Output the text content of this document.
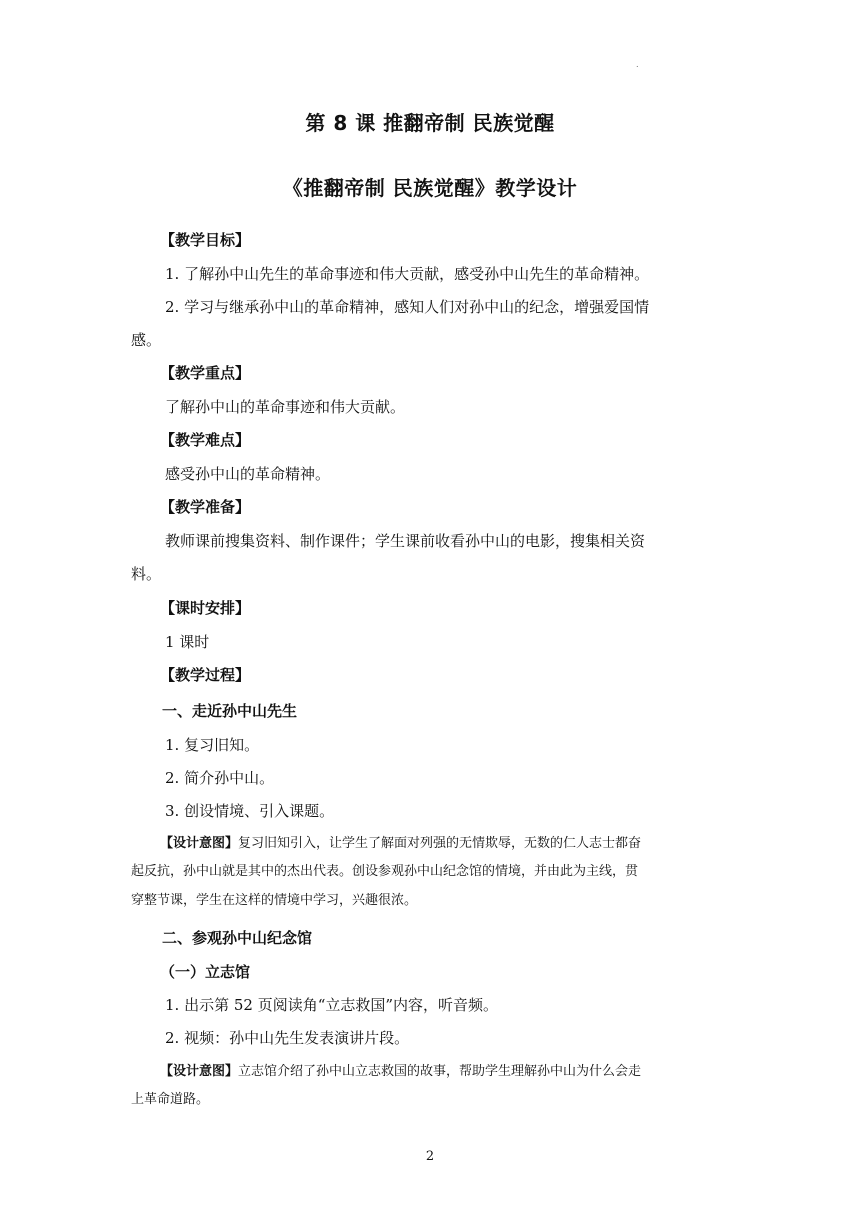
.
第 8 课 推翻帝制 民族觉醒
《推翻帝制 民族觉醒》教学设计
【教学目标】
1. 了解孙中山先生的革命事迹和伟大贡献，感受孙中山先生的革命精神。
2. 学习与继承孙中山的革命精神，感知人们对孙中山的纪念，增强爱国情
感。
【教学重点】
了解孙中山的革命事迹和伟大贡献。
【教学难点】
感受孙中山的革命精神。
【教学准备】
教师课前搜集资料、制作课件；学生课前收看孙中山的电影，搜集相关资
料。
【课时安排】
1 课时
【教学过程】
一、走近孙中山先生
1. 复习旧知。
2. 简介孙中山。
3. 创设情境、引入课题。
【设计意图】复习旧知引入，让学生了解面对列强的无情欺辱，无数的仁人志士都奋
起反抗，孙中山就是其中的杰出代表。创设参观孙中山纪念馆的情境，并由此为主线，贯
穿整节课，学生在这样的情境中学习，兴趣很浓。
二、参观孙中山纪念馆
（一）立志馆
1. 出示第 52 页阅读角“立志救国”内容，听音频。
2. 视频：孙中山先生发表演讲片段。
【设计意图】立志馆介绍了孙中山立志救国的故事，帮助学生理解孙中山为什么会走
上革命道路。
2
